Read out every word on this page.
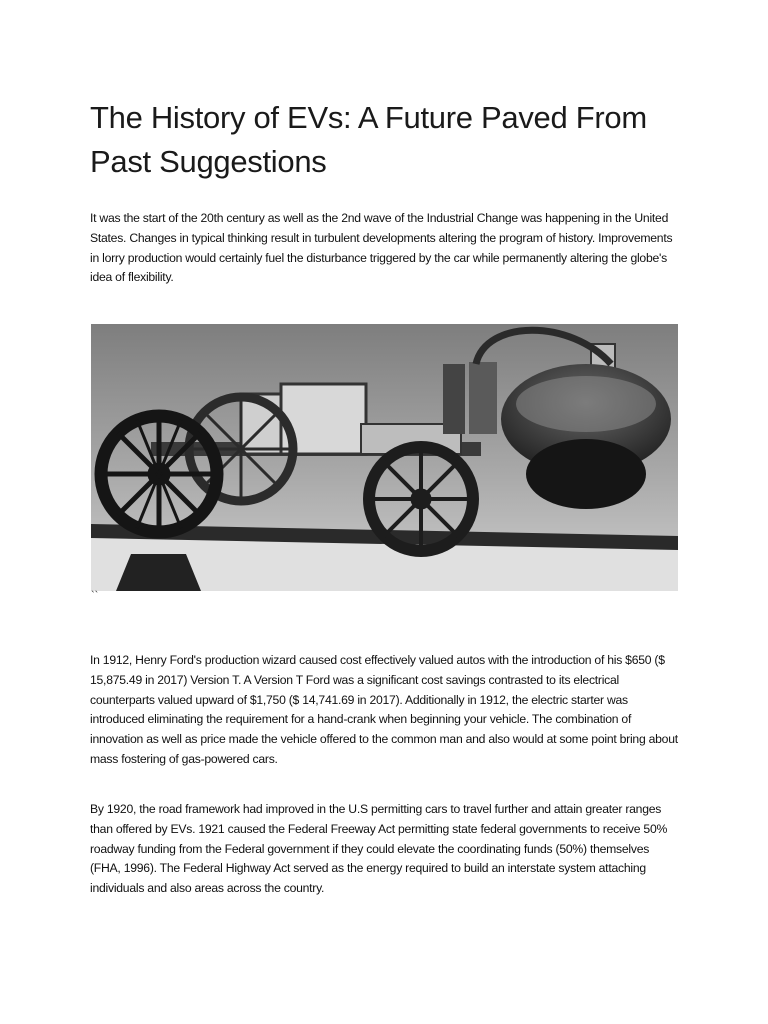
The History of EVs: A Future Paved From Past Suggestions

It was the start of the 20th century as well as the 2nd wave of the Industrial Change was happening in the United States. Changes in typical thinking result in turbulent developments altering the program of history. Improvements in lorry production would certainly fuel the disturbance triggered by the car while permanently altering the globe's idea of flexibility.

``

In 1912, Henry Ford's production wizard caused cost effectively valued autos with the introduction of his $650 ($ 15,875.49 in 2017) Version T. A Version T Ford was a significant cost savings contrasted to its electrical counterparts valued upward of $1,750 ($ 14,741.69 in 2017). Additionally in 1912, the electric starter was introduced eliminating the requirement for a hand-crank when beginning your vehicle. The combination of innovation as well as price made the vehicle offered to the common man and also would at some point bring about mass fostering of gas-powered cars.

By 1920, the road framework had improved in the U.S permitting cars to travel further and attain greater ranges than offered by EVs. 1921 caused the Federal Freeway Act permitting state federal governments to receive 50% roadway funding from the Federal government if they could elevate the coordinating funds (50%) themselves (FHA, 1996). The Federal Highway Act served as the energy required to build an interstate system attaching individuals and also areas across the country.
